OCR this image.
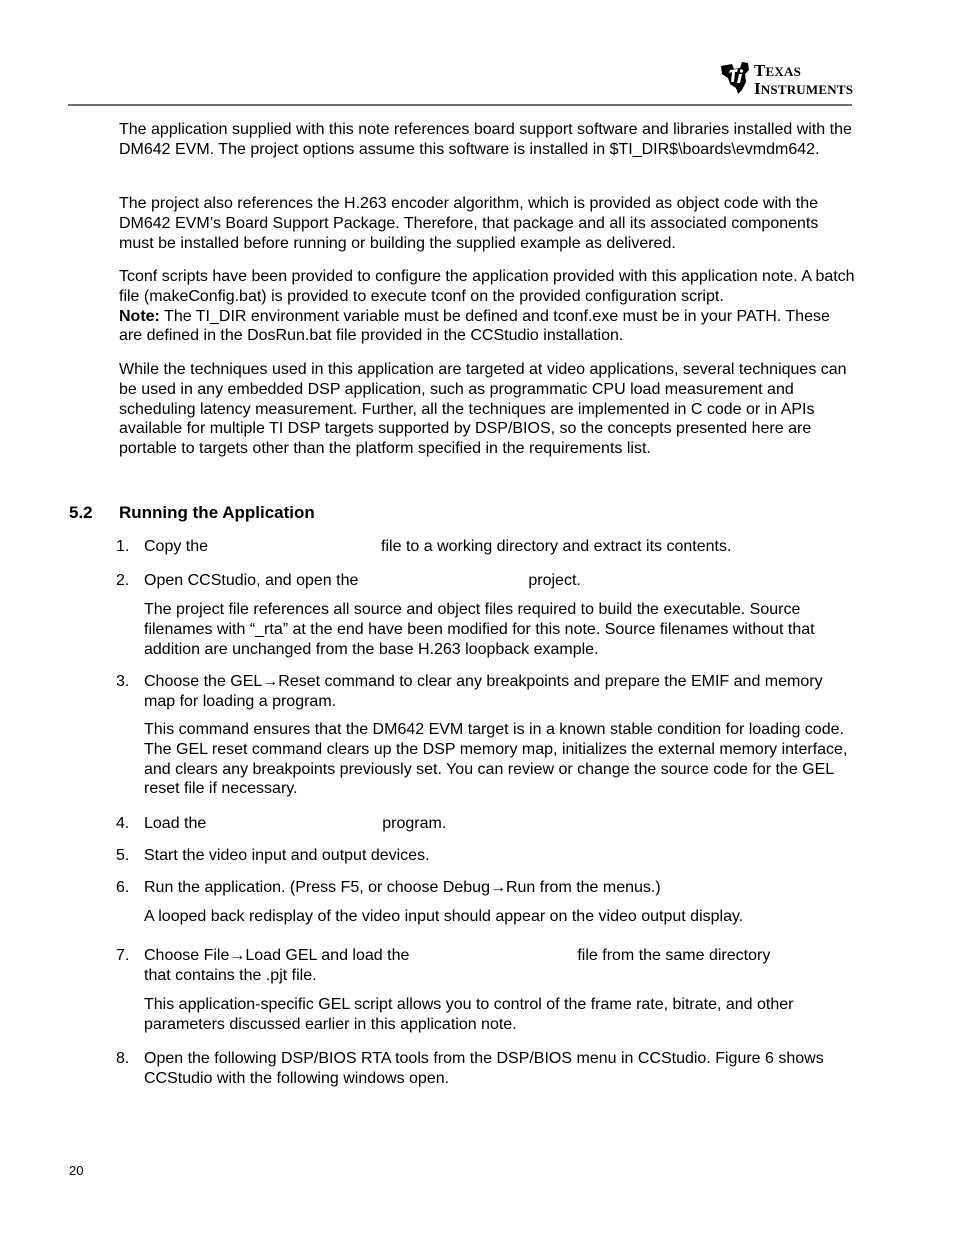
TEXAS
INSTRUMENTS

The application supplied with this note references board support software and libraries installed with the DM642 EVM. The project options assume this software is installed in $TI_DIR$\boards\evmdm642.

The project also references the H.263 encoder algorithm, which is provided as object code with the DM642 EVM’s Board Support Package. Therefore, that package and all its associated components must be installed before running or building the supplied example as delivered.

Tconf scripts have been provided to configure the application provided with this application note. A batch file (makeConfig.bat) is provided to execute tconf on the provided configuration script.
Note: The TI_DIR environment variable must be defined and tconf.exe must be in your PATH. These are defined in the DosRun.bat file provided in the CCStudio installation.

While the techniques used in this application are targeted at video applications, several techniques can be used in any embedded DSP application, such as programmatic CPU load measurement and scheduling latency measurement. Further, all the techniques are implemented in C code or in APIs available for multiple TI DSP targets supported by DSP/BIOS, so the concepts presented here are portable to targets other than the platform specified in the requirements list.

5.2 Running the Application
1. Copy the	file to a working directory and extract its contents.

2. Open CCStudio, and open the	project.

The project file references all source and object files required to build the executable. Source filenames with “_rta” at the end have been modified for this note. Source filenames without that addition are unchanged from the base H.263 loopback example.

3. Choose the GEL→Reset command to clear any breakpoints and prepare the EMIF and memory map for loading a program.

This command ensures that the DM642 EVM target is in a known stable condition for loading code. The GEL reset command clears up the DSP memory map, initializes the external memory interface, and clears any breakpoints previously set. You can review or change the source code for the GEL reset file if necessary.

4. Load the	program.

5. Start the video input and output devices.

6. Run the application. (Press F5, or choose Debug→Run from the menus.)

A looped back redisplay of the video input should appear on the video output display.

7. Choose File→Load GEL and load the	file from the same directory
that contains the .pjt file.

This application-specific GEL script allows you to control of the frame rate, bitrate, and other parameters discussed earlier in this application note.

8. Open the following DSP/BIOS RTA tools from the DSP/BIOS menu in CCStudio. Figure 6 shows CCStudio with the following windows open.

20
